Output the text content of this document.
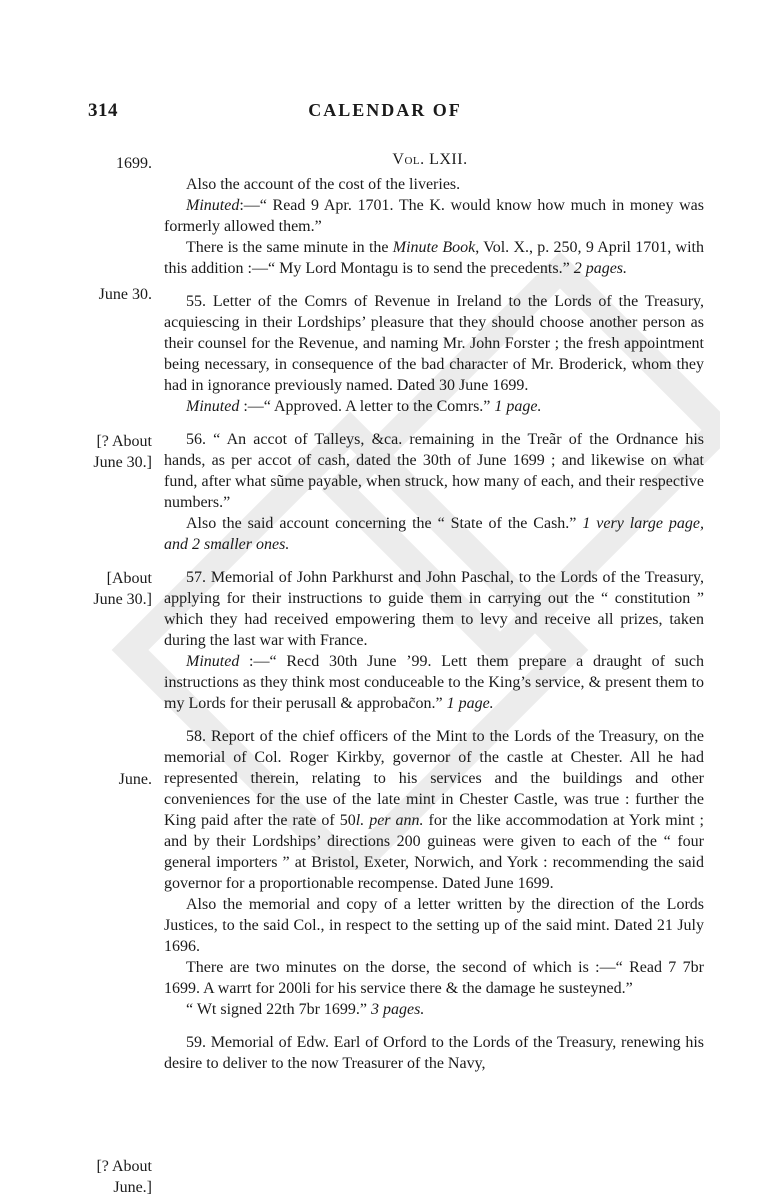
314	CALENDAR OF
Vol. LXII.
1699.
June 30.
[? About
June 30.]
[About
June 30.]
June.
[? About
June.]

Also the account of the cost of the liveries.

Minuted:—“ Read 9 Apr. 1701. The K. would know how much in money was formerly allowed them.”

There is the same minute in the Minute Book, Vol. X., p. 250, 9 April 1701, with this addition :—“ My Lord Montagu is to send the precedents.” 2 pages.

55. Letter of the Comrs of Revenue in Ireland to the Lords of the Treasury, acquiescing in their Lordships’ pleasure that they should choose another person as their counsel for the Revenue, and naming Mr. John Forster ; the fresh appointment being necessary, in consequence of the bad character of Mr. Broderick, whom they had in ignorance previously named. Dated 30 June 1699.

Minuted :—“ Approved. A letter to the Comrs.” 1 page.

56. “ An accot of Talleys, &ca. remaining in the Treãr of the Ordnance his hands, as per accot of cash, dated the 30th of June 1699 ; and likewise on what fund, after what sũme payable, when struck, how many of each, and their respective numbers.”

Also the said account concerning the “ State of the Cash.” 1 very large page, and 2 smaller ones.

57. Memorial of John Parkhurst and John Paschal, to the Lords of the Treasury, applying for their instructions to guide them in carrying out the “ constitution ” which they had received empowering them to levy and receive all prizes, taken during the last war with France.

Minuted :—“ Recd 30th June ’99. Lett them prepare a draught of such instructions as they think most conduceable to the King’s service, & present them to my Lords for their perusall & approbac̃on.” 1 page.

58. Report of the chief officers of the Mint to the Lords of the Treasury, on the memorial of Col. Roger Kirkby, governor of the castle at Chester. All he had represented therein, relating to his services and the buildings and other conveniences for the use of the late mint in Chester Castle, was true : further the King paid after the rate of 50l. per ann. for the like accommodation at York mint ; and by their Lordships’ directions 200 guineas were given to each of the “ four general importers ” at Bristol, Exeter, Norwich, and York : recommending the said governor for a proportionable recompense. Dated June 1699.

Also the memorial and copy of a letter written by the direction of the Lords Justices, to the said Col., in respect to the setting up of the said mint. Dated 21 July 1696.

There are two minutes on the dorse, the second of which is :—“ Read 7 7br 1699. A warrt for 200li for his service there & the damage he susteyned.”

“ Wt signed 22th 7br 1699.” 3 pages.

59. Memorial of Edw. Earl of Orford to the Lords of the Treasury, renewing his desire to deliver to the now Treasurer of the Navy,
